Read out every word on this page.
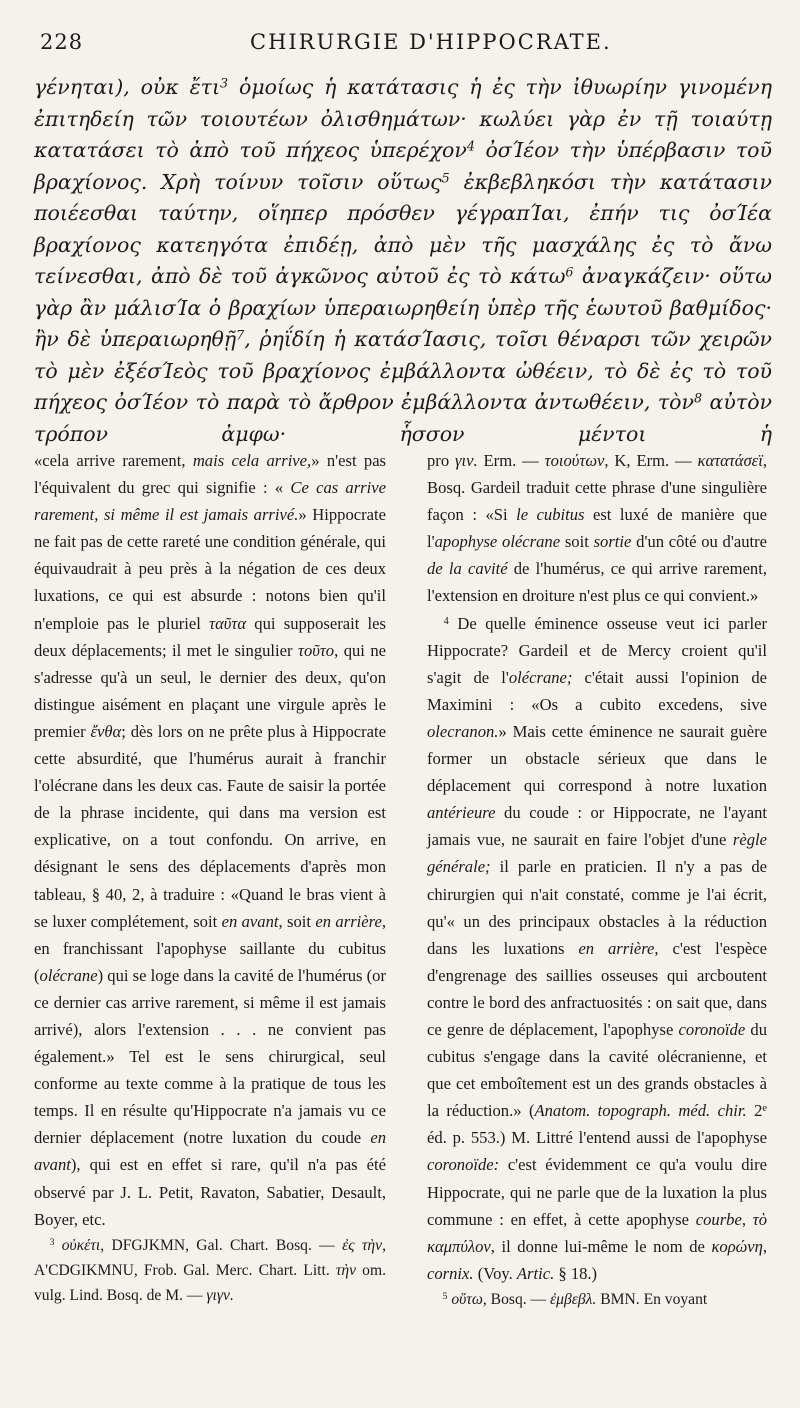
228	CHIRURGIE D'HIPPOCRATE.

γένηται), οὐκ ἔτι$^3$ ὁμοίως ἡ κατάτασις ἡ ἐς τὴν ἰθυωρίην γινομένη ἐπιτηδείη τῶν τοιουτέων ὀλισθημάτων· κωλύει γὰρ ἐν τῇ τοιαύτῃ κατατάσει τὸ ἀπὸ τοῦ πήχεος ὑπερέχον$^4$ ὀσΊέον τὴν ὑπέρβασιν τοῦ βραχίονος. Χρὴ τοίνυν τοῖσιν οὕτως$^5$ ἐκβεβληκόσι τὴν κατάτασιν ποιέεσθαι ταύτην, οἵηπερ πρόσθεν γέγραπΊαι, ἐπήν τις ὀσΊέα βραχίονος κατεηγότα ἐπιδέῃ, ἀπὸ μὲν τῆς μασχάλης ἐς τὸ ἄνω τείνεσθαι, ἀπὸ δὲ τοῦ ἀγκῶνος αὐτοῦ ἐς τὸ κάτω$^6$ ἀναγκάζειν· οὕτω γὰρ ἂν μάλισΊα ὁ βραχίων ὑπεραιωρηθείη ὑπὲρ τῆς ἑωυτοῦ βαθμίδος· ἢν δὲ ὑπεραιωρηθῇ$^7$, ῥηΐδίη ἡ κατάσΊασις, τοῖσι θέναρσι τῶν χειρῶν τὸ μὲν ἐξέσΊεὸς τοῦ βραχίονος ἐμβάλλοντα ὠθέειν, τὸ δὲ ἐς τὸ τοῦ πήχεος ὀσΊέον τὸ παρὰ τὸ ἄρθρον ἐμβάλλοντα ἀντωθέειν, τὸν$^8$ αὐτὸν τρόπον ἀμφω· ἧσσον μέντοι ἡ

«cela arrive rarement, mais cela arrive,» n'est pas l'équivalent du grec qui signifie : « Ce cas arrive rarement, si même il est jamais arrivé.» Hippocrate ne fait pas de cette rareté une condition générale, qui équivaudrait à peu près à la négation de ces deux luxations, ce qui est absurde : notons bien qu'il n'emploie pas le pluriel ταῦτα qui supposerait les deux déplacements; il met le singulier τοῦτο, qui ne s'adresse qu'à un seul, le dernier des deux, qu'on distingue aisément en plaçant une virgule après le premier ἔνθα; dès lors on ne prête plus à Hippocrate cette absurdité, que l'humérus aurait à franchir l'olécrane dans les deux cas. Faute de saisir la portée de la phrase incidente, qui dans ma version est explicative, on a tout confondu. On arrive, en désignant le sens des déplacements d'après mon tableau, § 40, 2, à traduire : «Quand le bras vient à se luxer complétement, soit en avant, soit en arrière, en franchissant l'apophyse saillante du cubitus (olécrane) qui se loge dans la cavité de l'humérus (or ce dernier cas arrive rarement, si même il est jamais arrivé), alors l'extension . . . ne convient pas également.» Tel est le sens chirurgical, seul conforme au texte comme à la pratique de tous les temps. Il en résulte qu'Hippocrate n'a jamais vu ce dernier déplacement (notre luxation du coude en avant), qui est en effet si rare, qu'il n'a pas été observé par J. L. Petit, Ravaton, Sabatier, Desault, Boyer, etc.

 $^3$ οὐκέτι, DFGJKMN, Gal. Chart. Bosq. — ἐς τὴν, A'CDGIKMNU, Frob. Gal. Merc. Chart. Litt. τὴν om. vulg. Lind. Bosq. de M. — γιγν.

pro γιν. Erm. — τοιούτων, K, Erm. — κατατάσεϊ, Bosq. Gardeil traduit cette phrase d'une singulière façon : «Si le cubitus est luxé de manière que l'apophyse olécrane soit sortie d'un côté ou d'autre de la cavité de l'humérus, ce qui arrive rarement, l'extension en droiture n'est plus ce qui convient.»

 $^4$ De quelle éminence osseuse veut ici parler Hippocrate? Gardeil et de Mercy croient qu'il s'agit de l'olécrane; c'était aussi l'opinion de Maximini : «Os a cubito excedens, sive olecranon.» Mais cette éminence ne saurait guère former un obstacle sérieux que dans le déplacement qui correspond à notre luxation antérieure du coude : or Hippocrate, ne l'ayant jamais vue, ne saurait en faire l'objet d'une règle générale; il parle en praticien. Il n'y a pas de chirurgien qui n'ait constaté, comme je l'ai écrit, qu'« un des principaux obstacles à la réduction dans les luxations en arrière, c'est l'espèce d'engrenage des saillies osseuses qui arcboutent contre le bord des anfractuosités : on sait que, dans ce genre de déplacement, l'apophyse coronoïde du cubitus s'engage dans la cavité olécranienne, et que cet emboîtement est un des grands obstacles à la réduction.» (Anatom. topograph. méd. chir. 2e éd. p. 553.) M. Littré l'entend aussi de l'apophyse coronoïde: c'est évidemment ce qu'a voulu dire Hippocrate, qui ne parle que de la luxation la plus commune : en effet, à cette apophyse courbe, τὸ καμπύλον, il donne lui-même le nom de κορώνη, cornix. (Voy. Artic. § 18.)

 $^5$ οὕτω, Bosq. — ἐμβεβλ. BMN. En voyant
